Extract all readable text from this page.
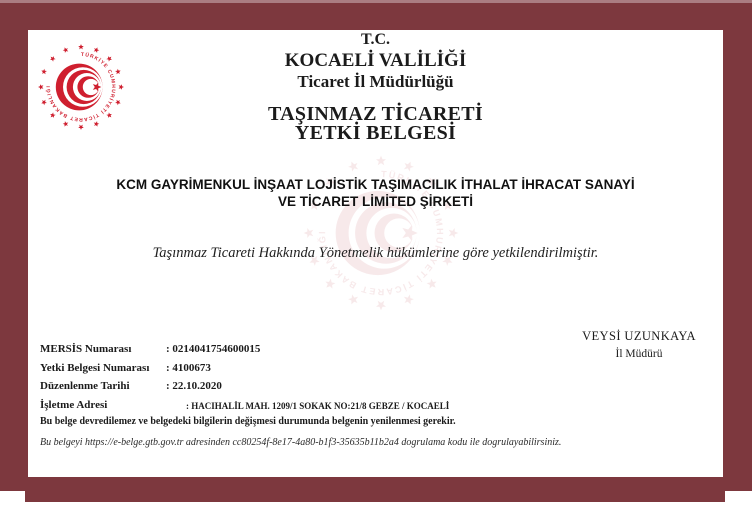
T.C.
KOCAELİ VALİLİĞİ
Ticaret İl Müdürlüğü
TAŞINMAZ TİCARETİ
YETKİ BELGESİ
KCM GAYRİMENKUL İNŞAAT LOJİSTİK TAŞIMACILIK İTHALAT İHRACAT SANAYİ
VE TİCARET LİMİTED ŞİRKETİ
Taşınmaz Ticareti Hakkında Yönetmelik hükümlerine göre yetkilendirilmiştir.
VEYSİ UZUNKAYA
İl Müdürü
MERSİS Numarası	: 0214041754600015
Yetki Belgesi Numarası	: 4100673
Düzenlenme Tarihi	: 22.10.2020
İşletme Adresi	: HACIHALİL MAH. 1209/1 SOKAK NO:21/8 GEBZE / KOCAELİ
Bu belge devredilemez ve belgedeki bilgilerin değişmesi durumunda belgenin yenilenmesi gerekir.
Bu belgeyi https://e-belge.gtb.gov.tr adresinden cc80254f-8e17-4a80-b1f3-35635b11b2a4 dogrulama kodu ile dogrulayabilirsiniz.
